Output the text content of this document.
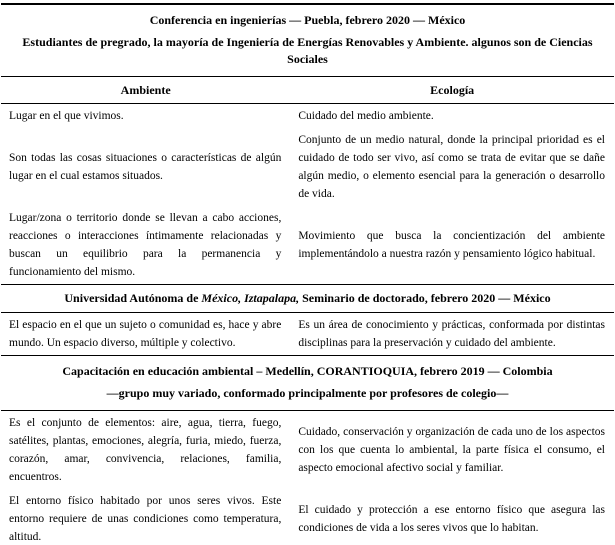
Conferencia en ingenierías — Puebla, febrero 2020 — México	
Estudiantes de pregrado, la mayoría de Ingeniería de Energías Renovables y Ambiente. algunos son de Ciencias Sociales	
Ambiente	Ecología
Lugar en el que vivimos.	Cuidado del medio ambiente.
Son todas las cosas situaciones o características de algún lugar en el cual estamos situados.	Conjunto de un medio natural, donde la principal prioridad es el cuidado de todo ser vivo, así como se trata de evitar que se dañe algún medio, o elemento esencial para la generación o desarrollo de vida.
Lugar/zona o territorio donde se llevan a cabo acciones, reacciones o interacciones íntimamente relacionadas y buscan un equilibrio para la permanencia y funcionamiento del mismo.	Movimiento que busca la concientización del ambiente implementándolo a nuestra razón y pensamiento lógico habitual.
Universidad Autónoma de México, Iztapalapa, Seminario de doctorado, febrero 2020 — México	
El espacio en el que un sujeto o comunidad es, hace y abre mundo. Un espacio diverso, múltiple y colectivo.	Es un área de conocimiento y prácticas, conformada por distintas disciplinas para la preservación y cuidado del ambiente.
Capacitación en educación ambiental – Medellín, CORANTIOQUIA, febrero 2019 — Colombia	
—grupo muy variado, conformado principalmente por profesores de colegio—	
Es el conjunto de elementos: aire, agua, tierra, fuego, satélites, plantas, emociones, alegría, furia, miedo, fuerza, corazón, amar, convivencia, relaciones, familia, encuentros.	Cuidado, conservación y organización de cada uno de los aspectos con los que cuenta lo ambiental, la parte física el consumo, el aspecto emocional afectivo social y familiar.
El entorno físico habitado por unos seres vivos. Este entorno requiere de unas condiciones como temperatura, altitud.	El cuidado y protección a ese entorno físico que asegura las condiciones de vida a los seres vivos que lo habitan.
